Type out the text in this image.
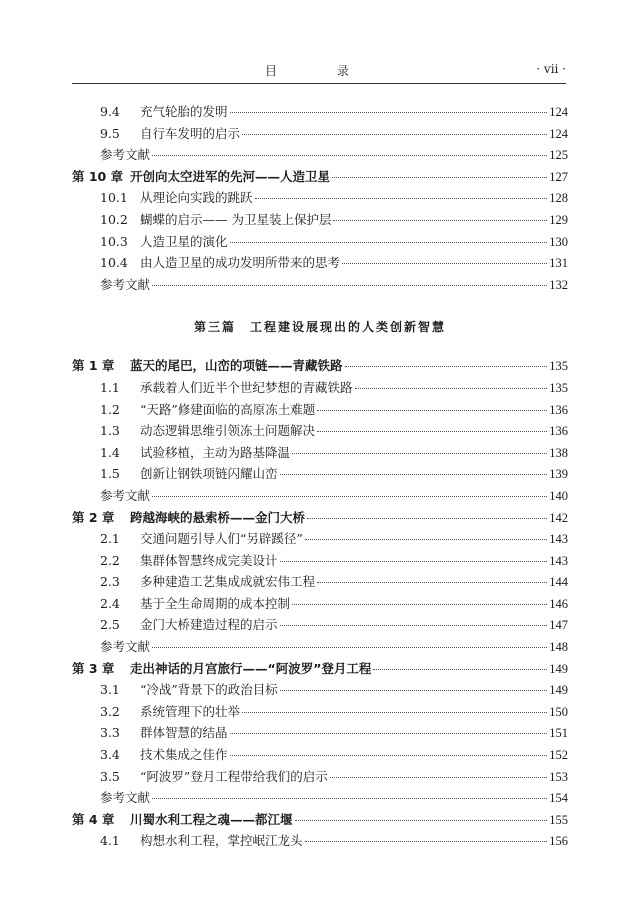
目　录	· vii ·
9.4	充气轮胎的发明	124
9.5	自行车发明的启示	124
参考文献	125
第 10 章 开创向太空进军的先河——人造卫星	127
10.1 从理论向实践的跳跃	128
10.2 蝴蝶的启示—— 为卫星装上保护层	129
10.3 人造卫星的演化	130
10.4 由人造卫星的成功发明所带来的思考	131
参考文献	132
第三篇 工程建设展现出的人类创新智慧
第 1 章	蓝天的尾巴，山峦的项链——青藏铁路	135
1.1	承载着人们近半个世纪梦想的青藏铁路	135
1.2	“天路”修建面临的高原冻土难题	136
1.3	动态逻辑思维引领冻土问题解决	136
1.4	试验移植，主动为路基降温	138
1.5	创新让钢铁项链闪耀山峦	139
参考文献	140
第 2 章	跨越海峡的悬索桥——金门大桥	142
2.1	交通问题引导人们“另辟蹊径”	143
2.2	集群体智慧终成完美设计	143
2.3	多种建造工艺集成成就宏伟工程	144
2.4	基于全生命周期的成本控制	146
2.5	金门大桥建造过程的启示	147
参考文献	148
第 3 章	走出神话的月宫旅行——“阿波罗”登月工程	149
3.1	“冷战”背景下的政治目标	149
3.2	系统管理下的壮举	150
3.3	群体智慧的结晶	151
3.4	技术集成之佳作	152
3.5	“阿波罗”登月工程带给我们的启示	153
参考文献	154
第 4 章	川蜀水利工程之魂——都江堰	155
4.1	构想水利工程，掌控岷江龙头	156
